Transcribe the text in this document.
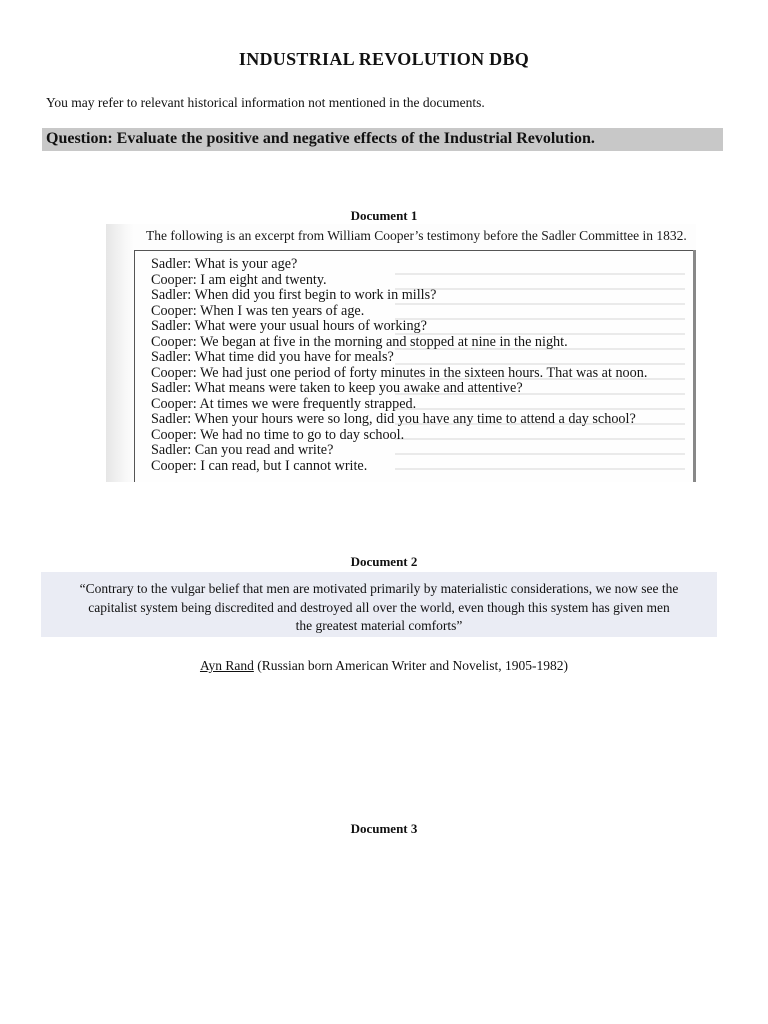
INDUSTRIAL REVOLUTION DBQ
You may refer to relevant historical information not mentioned in the documents.
Question: Evaluate the positive and negative effects of the Industrial Revolution.
Document 1
The following is an excerpt from William Cooper’s testimony before the Sadler Committee in 1832.
Sadler: What is your age?
Cooper: I am eight and twenty.
Sadler: When did you first begin to work in mills?
Cooper: When I was ten years of age.
Sadler: What were your usual hours of working?
Cooper: We began at five in the morning and stopped at nine in the night.
Sadler: What time did you have for meals?
Cooper: We had just one period of forty minutes in the sixteen hours. That was at noon.
Sadler: What means were taken to keep you awake and attentive?
Cooper: At times we were frequently strapped.
Sadler: When your hours were so long, did you have any time to attend a day school?
Cooper: We had no time to go to day school.
Sadler: Can you read and write?
Cooper: I can read, but I cannot write.
Document 2
“Contrary to the vulgar belief that men are motivated primarily by materialistic considerations, we now see the
capitalist system being discredited and destroyed all over the world, even though this system has given men
the greatest material comforts”
Ayn Rand (Russian born American Writer and Novelist, 1905-1982)
Document 3
